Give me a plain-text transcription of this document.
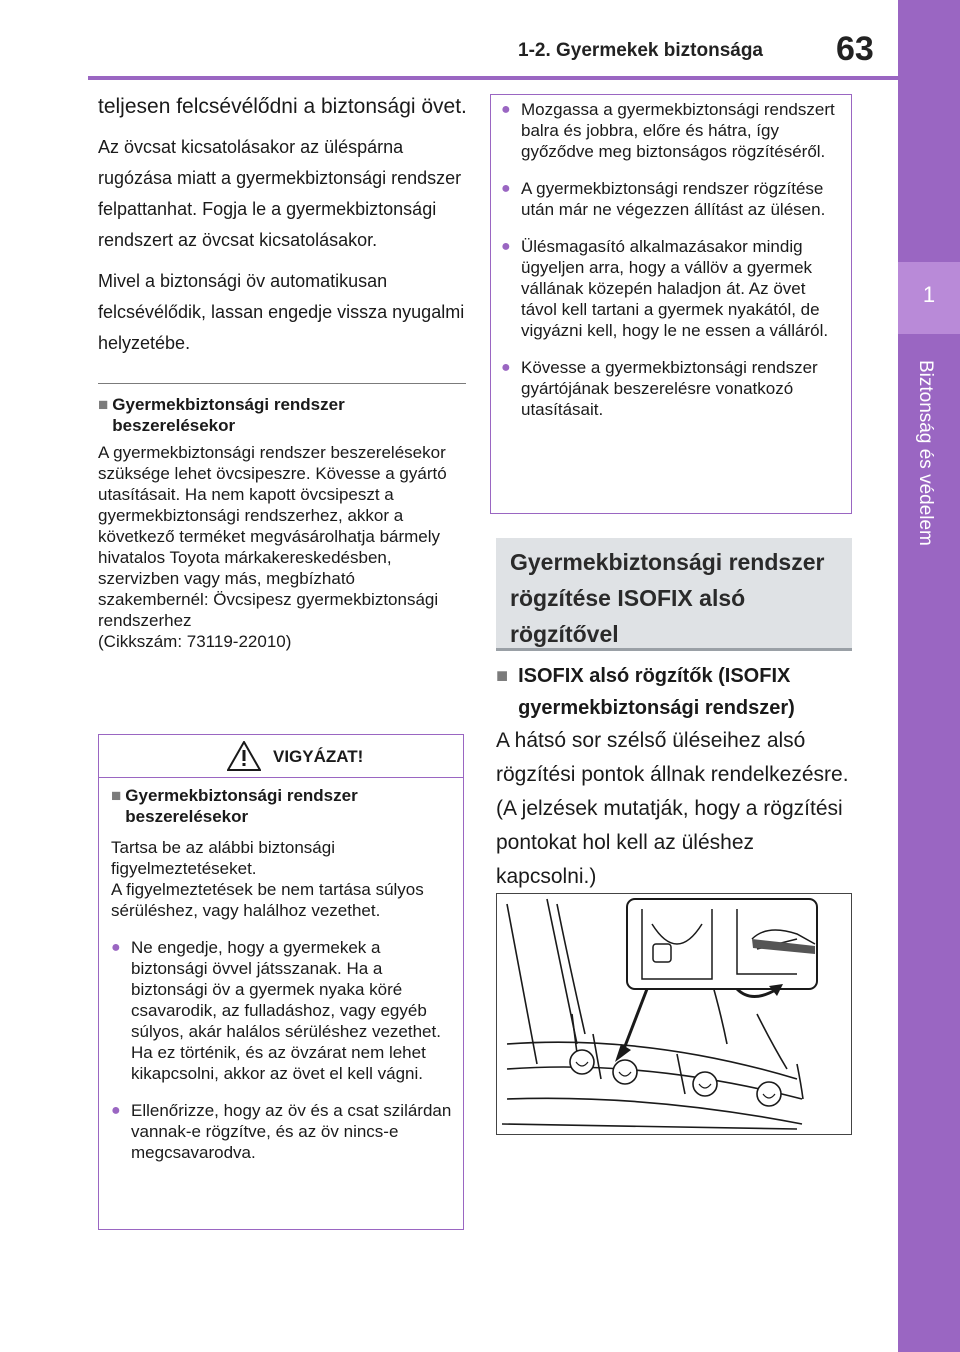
1-2. Gyermekek biztonsága 63
1
Biztonság és védelem

teljesen felcsévélődni a biztonsági övet.

Az övcsat kicsatolásakor az üléspárna rugózása miatt a gyermekbiztonsági rendszer felpattanhat. Fogja le a gyermekbiztonsági rendszert az övcsat kicsatolásakor.

Mivel a biztonsági öv automatikusan felcsévélődik, lassan engedje vissza nyugalmi helyzetébe.

■ Gyermekbiztonsági rendszer beszerelésekor

A gyermekbiztonsági rendszer beszerelésekor szüksége lehet övcsipeszre. Kövesse a gyártó utasításait. Ha nem kapott övcsipeszt a gyermekbiztonsági rendszerhez, akkor a következő terméket megvásárolhatja bármely hivatalos Toyota márkakereskedésben, szervizben vagy más, megbízható szakembernél: Övcsipesz gyermekbiztonsági rendszerhez
(Cikkszám: 73119-22010)

VIGYÁZAT!
■ Gyermekbiztonsági rendszer beszerelésekor

Tartsa be az alábbi biztonsági figyelmeztetéseket.
A figyelmeztetések be nem tartása súlyos sérüléshez, vagy halálhoz vezethet.

● Ne engedje, hogy a gyermekek a biztonsági övvel játsszanak. Ha a biztonsági öv a gyermek nyaka köré csavarodik, az fulladáshoz, vagy egyéb súlyos, akár halálos sérüléshez vezethet. Ha ez történik, és az övzárat nem lehet kikapcsolni, akkor az övet el kell vágni.
● Ellenőrizze, hogy az öv és a csat szilárdan vannak-e rögzítve, és az öv nincs-e megcsavarodva.
● Mozgassa a gyermekbiztonsági rendszert balra és jobbra, előre és hátra, így győződve meg biztonságos rögzítéséről.
● A gyermekbiztonsági rendszer rögzítése után már ne végezzen állítást az ülésen.
● Ülésmagasító alkalmazásakor mindig ügyeljen arra, hogy a vállöv a gyermek vállának közepén haladjon át. Az övet távol kell tartani a gyermek nyakától, de vigyázni kell, hogy le ne essen a válláról.
● Kövesse a gyermekbiztonsági rendszer gyártójának beszerelésre vonatkozó utasításait.
Gyermekbiztonsági rendszer rögzítése ISOFIX alsó rögzítővel
■ ISOFIX alsó rögzítők (ISOFIX gyermekbiztonsági rendszer)
A hátsó sor szélső üléseihez alsó rögzítési pontok állnak rendelkezésre. (A jelzések mutatják, hogy a rögzítési pontokat hol kell az üléshez kapcsolni.)
